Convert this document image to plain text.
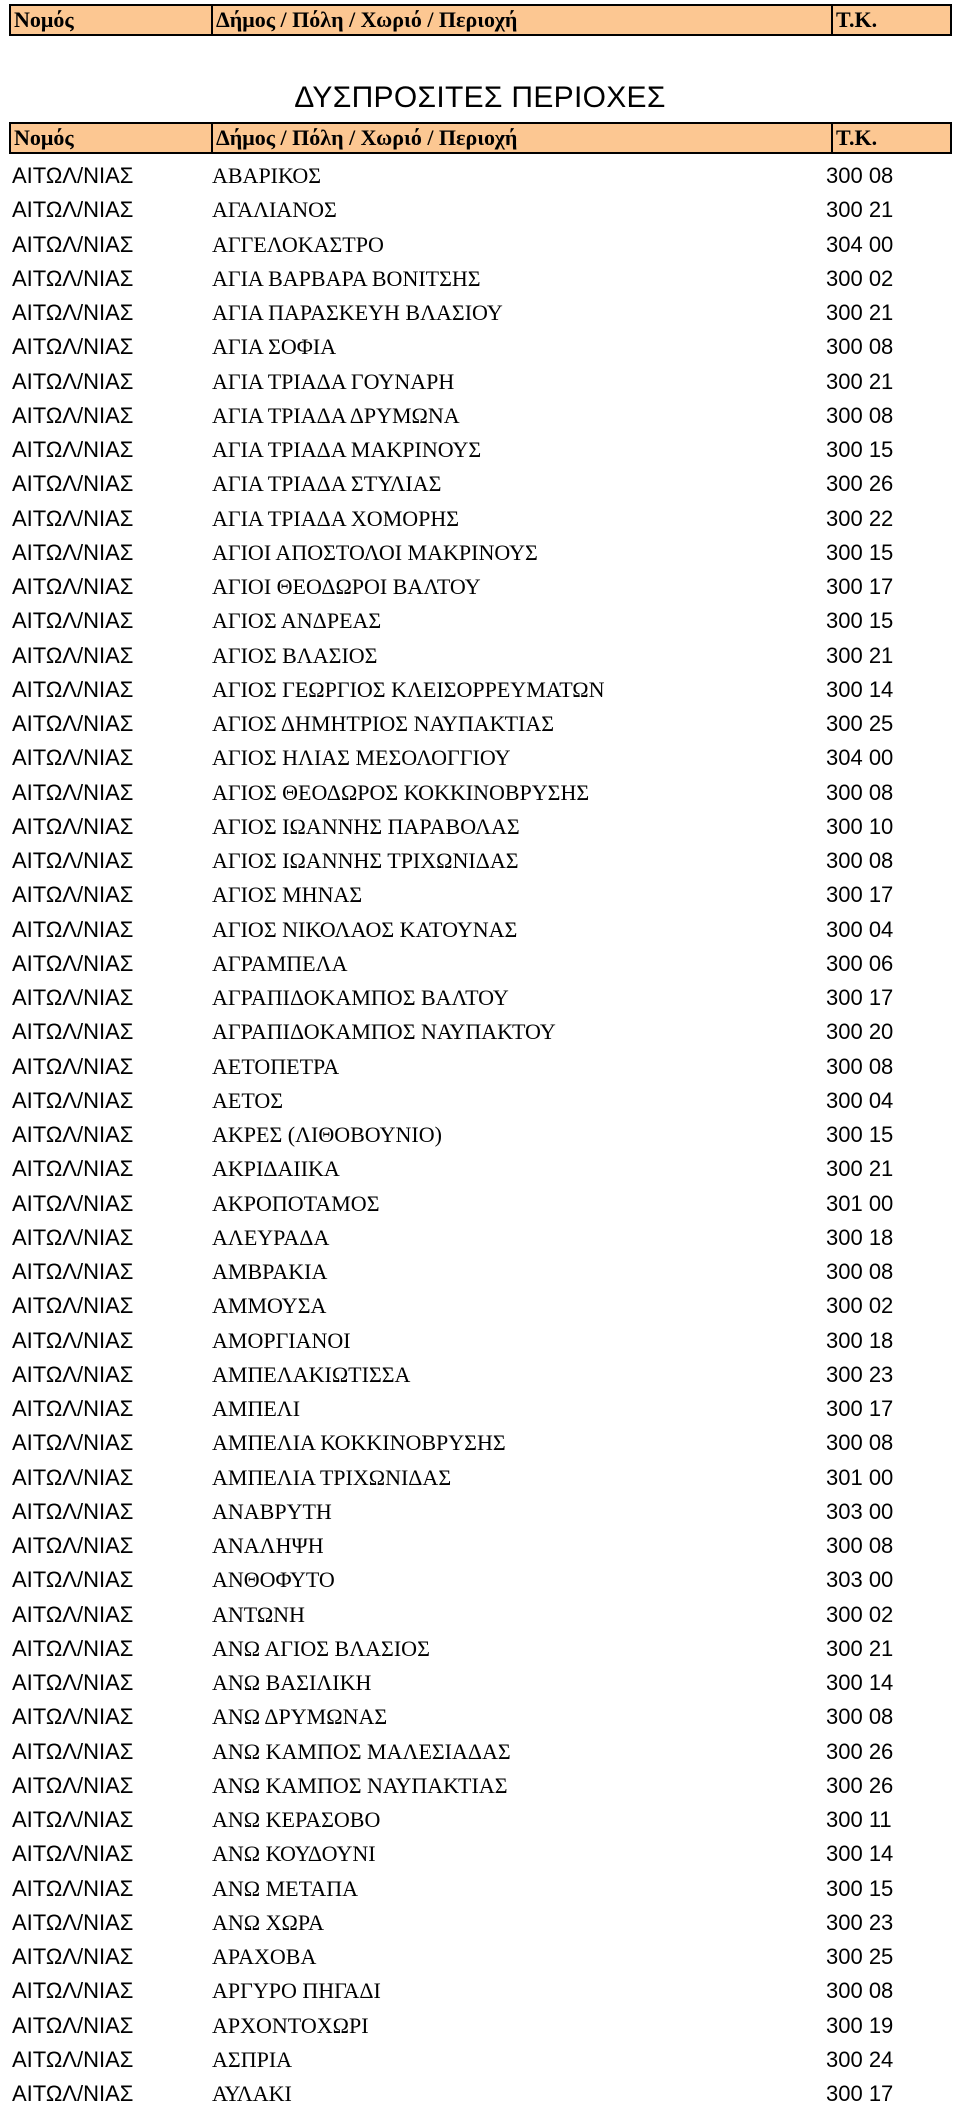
Νομός	Δήμος / Πόλη / Χωριό / Περιοχή	Τ.Κ.
ΔΥΣΠΡΟΣΙΤΕΣ ΠΕΡΙΟΧΕΣ
Νομός	Δήμος / Πόλη / Χωριό / Περιοχή	Τ.Κ.
ΑΙΤΩΛ/ΝΙΑΣ	ΑΒΑΡΙΚΟΣ	300 08
ΑΙΤΩΛ/ΝΙΑΣ	ΑΓΑΛΙΑΝΟΣ	300 21
ΑΙΤΩΛ/ΝΙΑΣ	ΑΓΓΕΛΟΚΑΣΤΡΟ	304 00
ΑΙΤΩΛ/ΝΙΑΣ	ΑΓΙΑ ΒΑΡΒΑΡΑ ΒΟΝΙΤΣΗΣ	300 02
ΑΙΤΩΛ/ΝΙΑΣ	ΑΓΙΑ ΠΑΡΑΣΚΕΥΗ ΒΛΑΣΙΟΥ	300 21
ΑΙΤΩΛ/ΝΙΑΣ	ΑΓΙΑ ΣΟΦΙΑ	300 08
ΑΙΤΩΛ/ΝΙΑΣ	ΑΓΙΑ ΤΡΙΑΔΑ ΓΟΥΝΑΡΗ	300 21
ΑΙΤΩΛ/ΝΙΑΣ	ΑΓΙΑ ΤΡΙΑΔΑ ΔΡΥΜΩΝΑ	300 08
ΑΙΤΩΛ/ΝΙΑΣ	ΑΓΙΑ ΤΡΙΑΔΑ ΜΑΚΡΙΝΟΥΣ	300 15
ΑΙΤΩΛ/ΝΙΑΣ	ΑΓΙΑ ΤΡΙΑΔΑ ΣΤΥΛΙΑΣ	300 26
ΑΙΤΩΛ/ΝΙΑΣ	ΑΓΙΑ ΤΡΙΑΔΑ ΧΟΜΟΡΗΣ	300 22
ΑΙΤΩΛ/ΝΙΑΣ	ΑΓΙΟΙ ΑΠΟΣΤΟΛΟΙ ΜΑΚΡΙΝΟΥΣ	300 15
ΑΙΤΩΛ/ΝΙΑΣ	ΑΓΙΟΙ ΘΕΟΔΩΡΟΙ ΒΑΛΤΟΥ	300 17
ΑΙΤΩΛ/ΝΙΑΣ	ΑΓΙΟΣ ΑΝΔΡΕΑΣ	300 15
ΑΙΤΩΛ/ΝΙΑΣ	ΑΓΙΟΣ ΒΛΑΣΙΟΣ	300 21
ΑΙΤΩΛ/ΝΙΑΣ	ΑΓΙΟΣ ΓΕΩΡΓΙΟΣ ΚΛΕΙΣΟΡΡΕΥΜΑΤΩΝ	300 14
ΑΙΤΩΛ/ΝΙΑΣ	ΑΓΙΟΣ ΔΗΜΗΤΡΙΟΣ ΝΑΥΠΑΚΤΙΑΣ	300 25
ΑΙΤΩΛ/ΝΙΑΣ	ΑΓΙΟΣ ΗΛΙΑΣ ΜΕΣΟΛΟΓΓΙΟΥ	304 00
ΑΙΤΩΛ/ΝΙΑΣ	ΑΓΙΟΣ ΘΕΟΔΩΡΟΣ ΚΟΚΚΙΝΟΒΡΥΣΗΣ	300 08
ΑΙΤΩΛ/ΝΙΑΣ	ΑΓΙΟΣ ΙΩΑΝΝΗΣ ΠΑΡΑΒΟΛΑΣ	300 10
ΑΙΤΩΛ/ΝΙΑΣ	ΑΓΙΟΣ ΙΩΑΝΝΗΣ ΤΡΙΧΩΝΙΔΑΣ	300 08
ΑΙΤΩΛ/ΝΙΑΣ	ΑΓΙΟΣ ΜΗΝΑΣ	300 17
ΑΙΤΩΛ/ΝΙΑΣ	ΑΓΙΟΣ ΝΙΚΟΛΑΟΣ ΚΑΤΟΥΝΑΣ	300 04
ΑΙΤΩΛ/ΝΙΑΣ	ΑΓΡΑΜΠΕΛΑ	300 06
ΑΙΤΩΛ/ΝΙΑΣ	ΑΓΡΑΠΙΔΟΚΑΜΠΟΣ ΒΑΛΤΟΥ	300 17
ΑΙΤΩΛ/ΝΙΑΣ	ΑΓΡΑΠΙΔΟΚΑΜΠΟΣ ΝΑΥΠΑΚΤΟΥ	300 20
ΑΙΤΩΛ/ΝΙΑΣ	ΑΕΤΟΠΕΤΡΑ	300 08
ΑΙΤΩΛ/ΝΙΑΣ	ΑΕΤΟΣ	300 04
ΑΙΤΩΛ/ΝΙΑΣ	ΑΚΡΕΣ (ΛΙΘΟΒΟΥΝΙΟ)	300 15
ΑΙΤΩΛ/ΝΙΑΣ	ΑΚΡΙΔΑΙΙΚΑ	300 21
ΑΙΤΩΛ/ΝΙΑΣ	ΑΚΡΟΠΟΤΑΜΟΣ	301 00
ΑΙΤΩΛ/ΝΙΑΣ	ΑΛΕΥΡΑΔΑ	300 18
ΑΙΤΩΛ/ΝΙΑΣ	ΑΜΒΡΑΚΙΑ	300 08
ΑΙΤΩΛ/ΝΙΑΣ	ΑΜΜΟΥΣΑ	300 02
ΑΙΤΩΛ/ΝΙΑΣ	ΑΜΟΡΓΙΑΝΟΙ	300 18
ΑΙΤΩΛ/ΝΙΑΣ	ΑΜΠΕΛΑΚΙΩΤΙΣΣΑ	300 23
ΑΙΤΩΛ/ΝΙΑΣ	ΑΜΠΕΛΙ	300 17
ΑΙΤΩΛ/ΝΙΑΣ	ΑΜΠΕΛΙΑ ΚΟΚΚΙΝΟΒΡΥΣΗΣ	300 08
ΑΙΤΩΛ/ΝΙΑΣ	ΑΜΠΕΛΙΑ ΤΡΙΧΩΝΙΔΑΣ	301 00
ΑΙΤΩΛ/ΝΙΑΣ	ΑΝΑΒΡΥΤΗ	303 00
ΑΙΤΩΛ/ΝΙΑΣ	ΑΝΑΛΗΨΗ	300 08
ΑΙΤΩΛ/ΝΙΑΣ	ΑΝΘΟΦΥΤΟ	303 00
ΑΙΤΩΛ/ΝΙΑΣ	ΑΝΤΩΝΗ	300 02
ΑΙΤΩΛ/ΝΙΑΣ	ΑΝΩ ΑΓΙΟΣ ΒΛΑΣΙΟΣ	300 21
ΑΙΤΩΛ/ΝΙΑΣ	ΑΝΩ ΒΑΣΙΛΙΚΗ	300 14
ΑΙΤΩΛ/ΝΙΑΣ	ΑΝΩ ΔΡΥΜΩΝΑΣ	300 08
ΑΙΤΩΛ/ΝΙΑΣ	ΑΝΩ ΚΑΜΠΟΣ ΜΑΛΕΣΙΑΔΑΣ	300 26
ΑΙΤΩΛ/ΝΙΑΣ	ΑΝΩ ΚΑΜΠΟΣ ΝΑΥΠΑΚΤΙΑΣ	300 26
ΑΙΤΩΛ/ΝΙΑΣ	ΑΝΩ ΚΕΡΑΣΟΒΟ	300 11
ΑΙΤΩΛ/ΝΙΑΣ	ΑΝΩ ΚΟΥΔΟΥΝΙ	300 14
ΑΙΤΩΛ/ΝΙΑΣ	ΑΝΩ ΜΕΤΑΠΑ	300 15
ΑΙΤΩΛ/ΝΙΑΣ	ΑΝΩ ΧΩΡΑ	300 23
ΑΙΤΩΛ/ΝΙΑΣ	ΑΡΑΧΟΒΑ	300 25
ΑΙΤΩΛ/ΝΙΑΣ	ΑΡΓΥΡΟ ΠΗΓΑΔΙ	300 08
ΑΙΤΩΛ/ΝΙΑΣ	ΑΡΧΟΝΤΟΧΩΡΙ	300 19
ΑΙΤΩΛ/ΝΙΑΣ	ΑΣΠΡΙΑ	300 24
ΑΙΤΩΛ/ΝΙΑΣ	ΑΥΛΑΚΙ	300 17
